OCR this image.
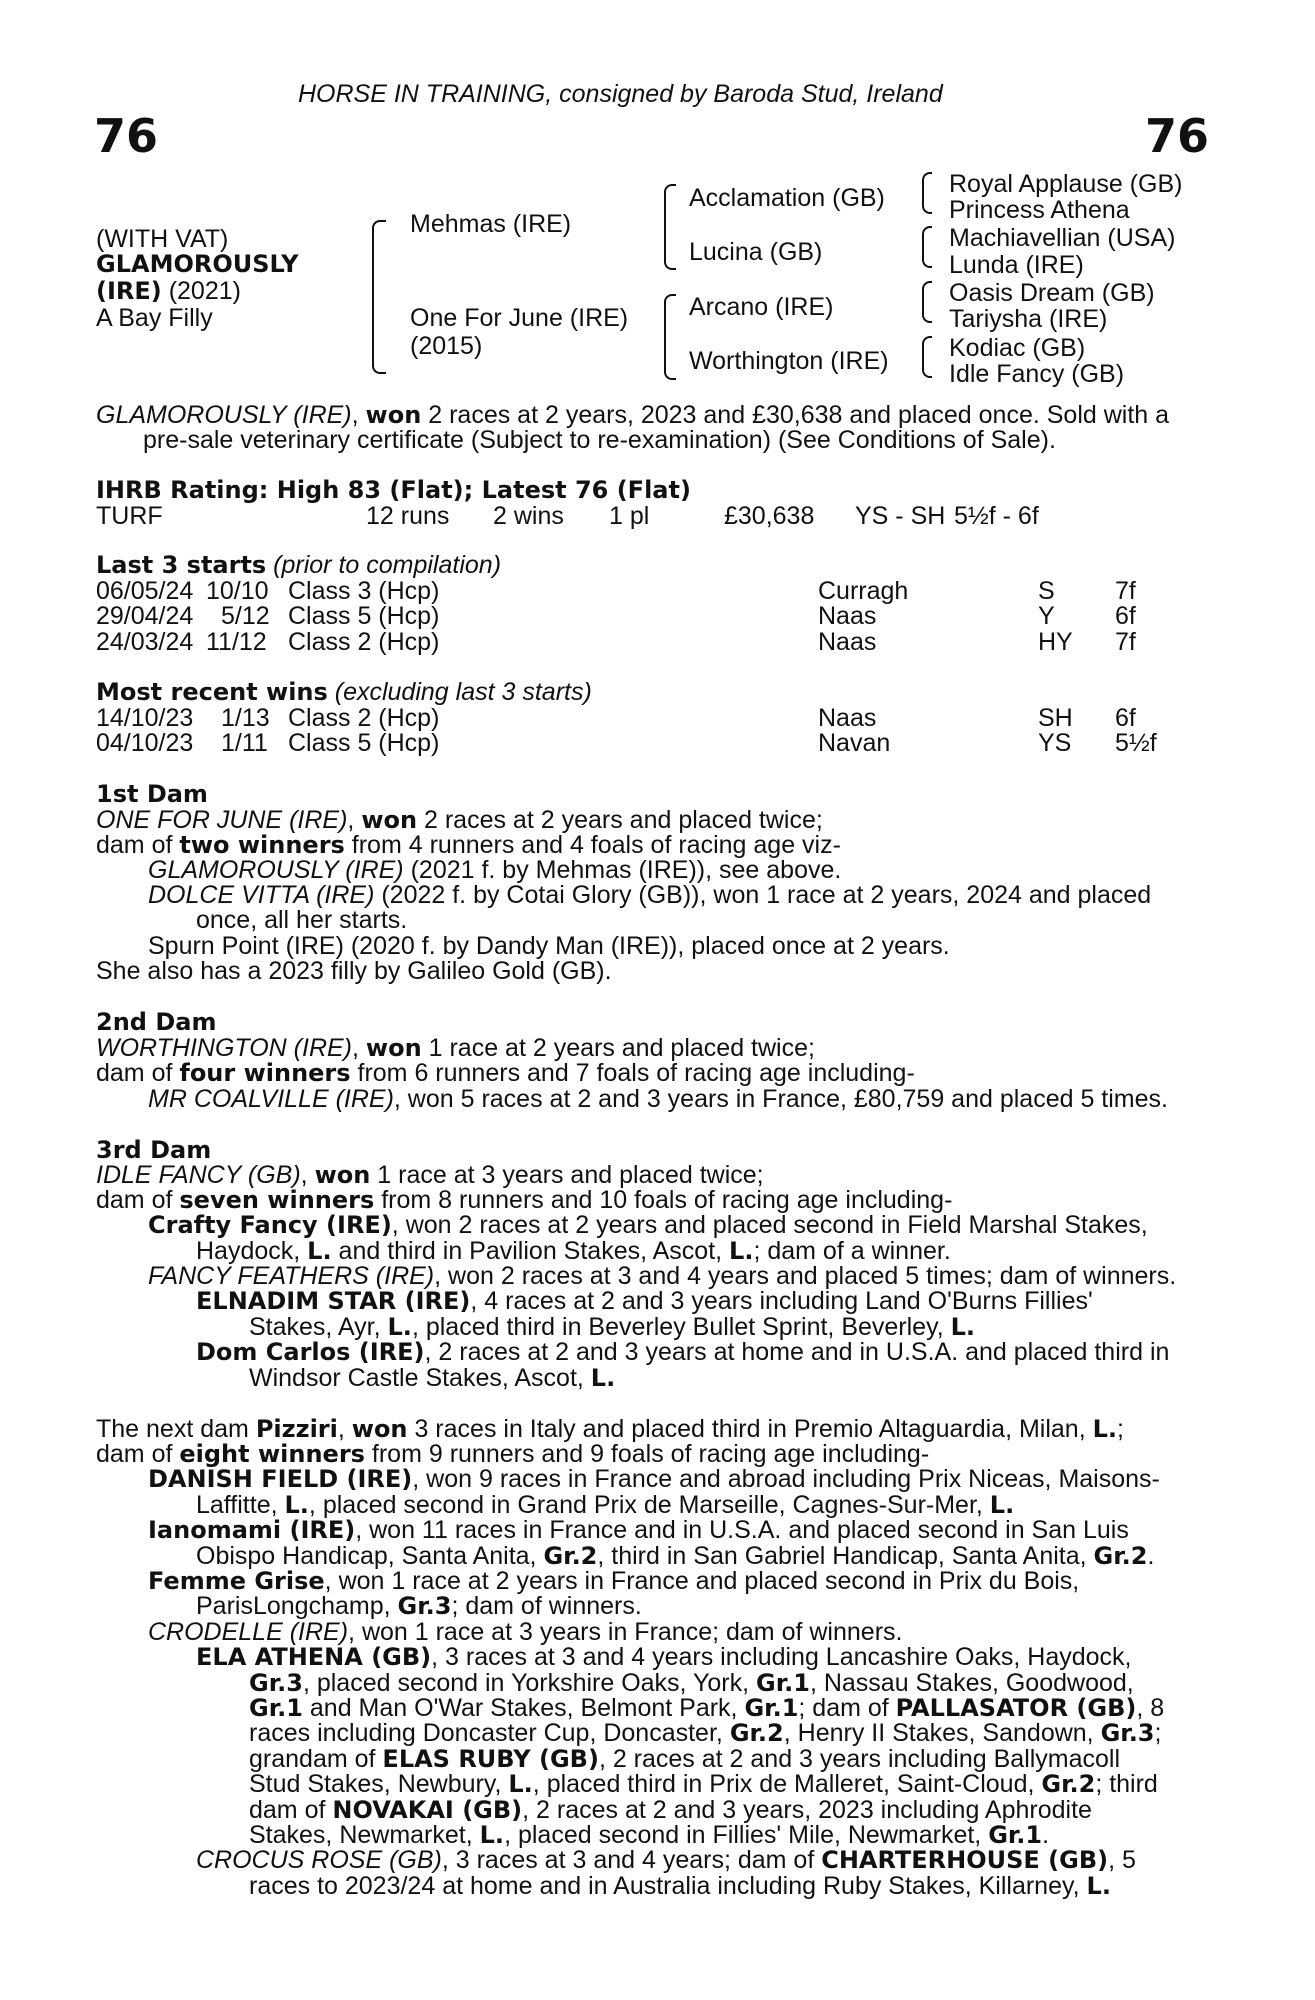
HORSE IN TRAINING, consigned by Baroda Stud, Ireland
76	76
(WITH VAT)
GLAMOROUSLY
(IRE) (2021)
A Bay Filly
Mehmas (IRE)
One For June (IRE)
(2015)
Acclamation (GB)
Lucina (GB)
Arcano (IRE)
Worthington (IRE)
Royal Applause (GB)
Princess Athena
Machiavellian (USA)
Lunda (IRE)
Oasis Dream (GB)
Tariysha (IRE)
Kodiac (GB)
Idle Fancy (GB)
GLAMOROUSLY (IRE), won 2 races at 2 years, 2023 and £30,638 and placed once. Sold with a
pre-sale veterinary certificate (Subject to re-examination) (See Conditions of Sale).
IHRB Rating: High 83 (Flat); Latest 76 (Flat)
TURF	12 runs 2 wins 1 pl	£30,638 YS - SH 5½f - 6f
Last 3 starts (prior to compilation)
06/05/24 10/10 Class 3 (Hcp)	Curragh	S 7f
29/04/24 5/12 Class 5 (Hcp)	Naas	Y 6f
24/03/24 11/12 Class 2 (Hcp)	Naas	HY 7f
Most recent wins (excluding last 3 starts)
14/10/23 1/13 Class 2 (Hcp)	Naas	SH 6f
04/10/23 1/11 Class 5 (Hcp)	Navan	YS 5½f
1st Dam
ONE FOR JUNE (IRE), won 2 races at 2 years and placed twice;
dam of two winners from 4 runners and 4 foals of racing age viz-
GLAMOROUSLY (IRE) (2021 f. by Mehmas (IRE)), see above.
DOLCE VITTA (IRE) (2022 f. by Cotai Glory (GB)), won 1 race at 2 years, 2024 and placed
once, all her starts.
Spurn Point (IRE) (2020 f. by Dandy Man (IRE)), placed once at 2 years.
She also has a 2023 filly by Galileo Gold (GB).
2nd Dam
WORTHINGTON (IRE), won 1 race at 2 years and placed twice;
dam of four winners from 6 runners and 7 foals of racing age including-
MR COALVILLE (IRE), won 5 races at 2 and 3 years in France, £80,759 and placed 5 times.
3rd Dam
IDLE FANCY (GB), won 1 race at 3 years and placed twice;
dam of seven winners from 8 runners and 10 foals of racing age including-
Crafty Fancy (IRE), won 2 races at 2 years and placed second in Field Marshal Stakes,
Haydock, L. and third in Pavilion Stakes, Ascot, L.; dam of a winner.
FANCY FEATHERS (IRE), won 2 races at 3 and 4 years and placed 5 times; dam of winners.
ELNADIM STAR (IRE), 4 races at 2 and 3 years including Land O'Burns Fillies'
Stakes, Ayr, L., placed third in Beverley Bullet Sprint, Beverley, L.
Dom Carlos (IRE), 2 races at 2 and 3 years at home and in U.S.A. and placed third in
Windsor Castle Stakes, Ascot, L.
The next dam Pizziri, won 3 races in Italy and placed third in Premio Altaguardia, Milan, L.;
dam of eight winners from 9 runners and 9 foals of racing age including-
DANISH FIELD (IRE), won 9 races in France and abroad including Prix Niceas, Maisons-
Laffitte, L., placed second in Grand Prix de Marseille, Cagnes-Sur-Mer, L.
Ianomami (IRE), won 11 races in France and in U.S.A. and placed second in San Luis
Obispo Handicap, Santa Anita, Gr.2, third in San Gabriel Handicap, Santa Anita, Gr.2.
Femme Grise, won 1 race at 2 years in France and placed second in Prix du Bois,
ParisLongchamp, Gr.3; dam of winners.
CRODELLE (IRE), won 1 race at 3 years in France; dam of winners.
ELA ATHENA (GB), 3 races at 3 and 4 years including Lancashire Oaks, Haydock,
Gr.3, placed second in Yorkshire Oaks, York, Gr.1, Nassau Stakes, Goodwood,
Gr.1 and Man O'War Stakes, Belmont Park, Gr.1; dam of PALLASATOR (GB), 8
races including Doncaster Cup, Doncaster, Gr.2, Henry II Stakes, Sandown, Gr.3;
grandam of ELAS RUBY (GB), 2 races at 2 and 3 years including Ballymacoll
Stud Stakes, Newbury, L., placed third in Prix de Malleret, Saint-Cloud, Gr.2; third
dam of NOVAKAI (GB), 2 races at 2 and 3 years, 2023 including Aphrodite
Stakes, Newmarket, L., placed second in Fillies' Mile, Newmarket, Gr.1.
CROCUS ROSE (GB), 3 races at 3 and 4 years; dam of CHARTERHOUSE (GB), 5
races to 2023/24 at home and in Australia including Ruby Stakes, Killarney, L.
